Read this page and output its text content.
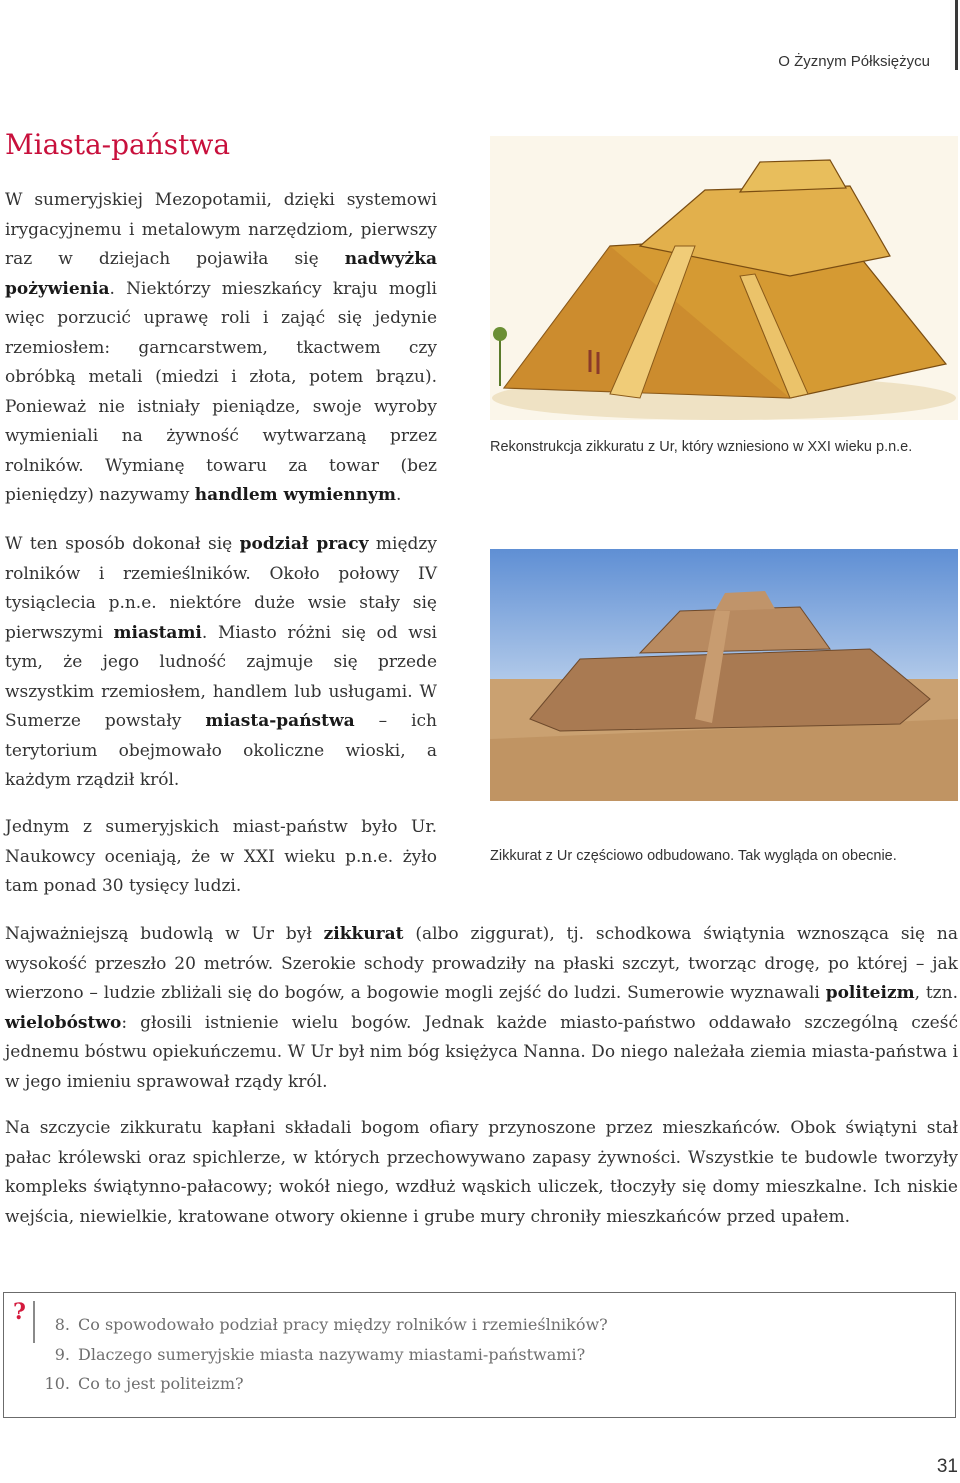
O Żyznym Półksiężycu
Miasta-państwa

W sumeryjskiej Mezopotamii, dzięki systemowi irygacyjnemu i metalowym narzędziom, pierwszy raz w dziejach pojawiła się nadwyżka pożywienia. Niektórzy mieszkańcy kraju mogli więc porzucić uprawę roli i zająć się jedynie rzemiosłem: garncarstwem, tkactwem czy obróbką metali (miedzi i złota, potem brązu). Ponieważ nie istniały pieniądze, swoje wyroby wymieniali na żywność wytwarzaną przez rolników. Wymianę towaru za towar (bez pieniędzy) nazywamy handlem wymiennym.

W ten sposób dokonał się podział pracy między rolników i rzemieślników. Około połowy IV tysiąclecia p.n.e. niektóre duże wsie stały się pierwszymi miastami. Miasto różni się od wsi tym, że jego ludność zajmuje się przede wszystkim rzemiosłem, handlem lub usługami. W Sumerze powstały miasta-państwa – ich terytorium obejmowało okoliczne wioski, a każdym rządził król.

Jednym z sumeryjskich miast-państw było Ur. Naukowcy oceniają, że w XXI wieku p.n.e. żyło tam ponad 30 tysięcy ludzi.

Rekonstrukcja zikkuratu z Ur, który wzniesiono w XXI wieku p.n.e.
Zikkurat z Ur częściowo odbudowano. Tak wygląda on obecnie.

Najważniejszą budowlą w Ur był zikkurat (albo ziggurat), tj. schodkowa świątynia wznosząca się na wysokość przeszło 20 metrów. Szerokie schody prowadziły na płaski szczyt, tworząc drogę, po której – jak wierzono – ludzie zbliżali się do bogów, a bogowie mogli zejść do ludzi. Sumerowie wyznawali politeizm, tzn. wielobóstwo: głosili istnienie wielu bogów. Jednak każde miasto-państwo oddawało szczególną cześć jednemu bóstwu opiekuńczemu. W Ur był nim bóg księżyca Nanna. Do niego należała ziemia miasta-państwa i w jego imieniu sprawował rządy król.

Na szczycie zikkuratu kapłani składali bogom ofiary przynoszone przez mieszkańców. Obok świątyni stał pałac królewski oraz spichlerze, w których przechowywano zapasy żywności. Wszystkie te budowle tworzyły kompleks świątynno-pałacowy; wokół niego, wzdłuż wąskich uliczek, tłoczyły się domy mieszkalne. Ich niskie wejścia, niewielkie, kratowane otwory okienne i grube mury chroniły mieszkańców przed upałem.

?	8. Co spowodowało podział pracy między rolników i rzemieślników?
9. Dlaczego sumeryjskie miasta nazywamy miastami-państwami?
10. Co to jest politeizm?
31
